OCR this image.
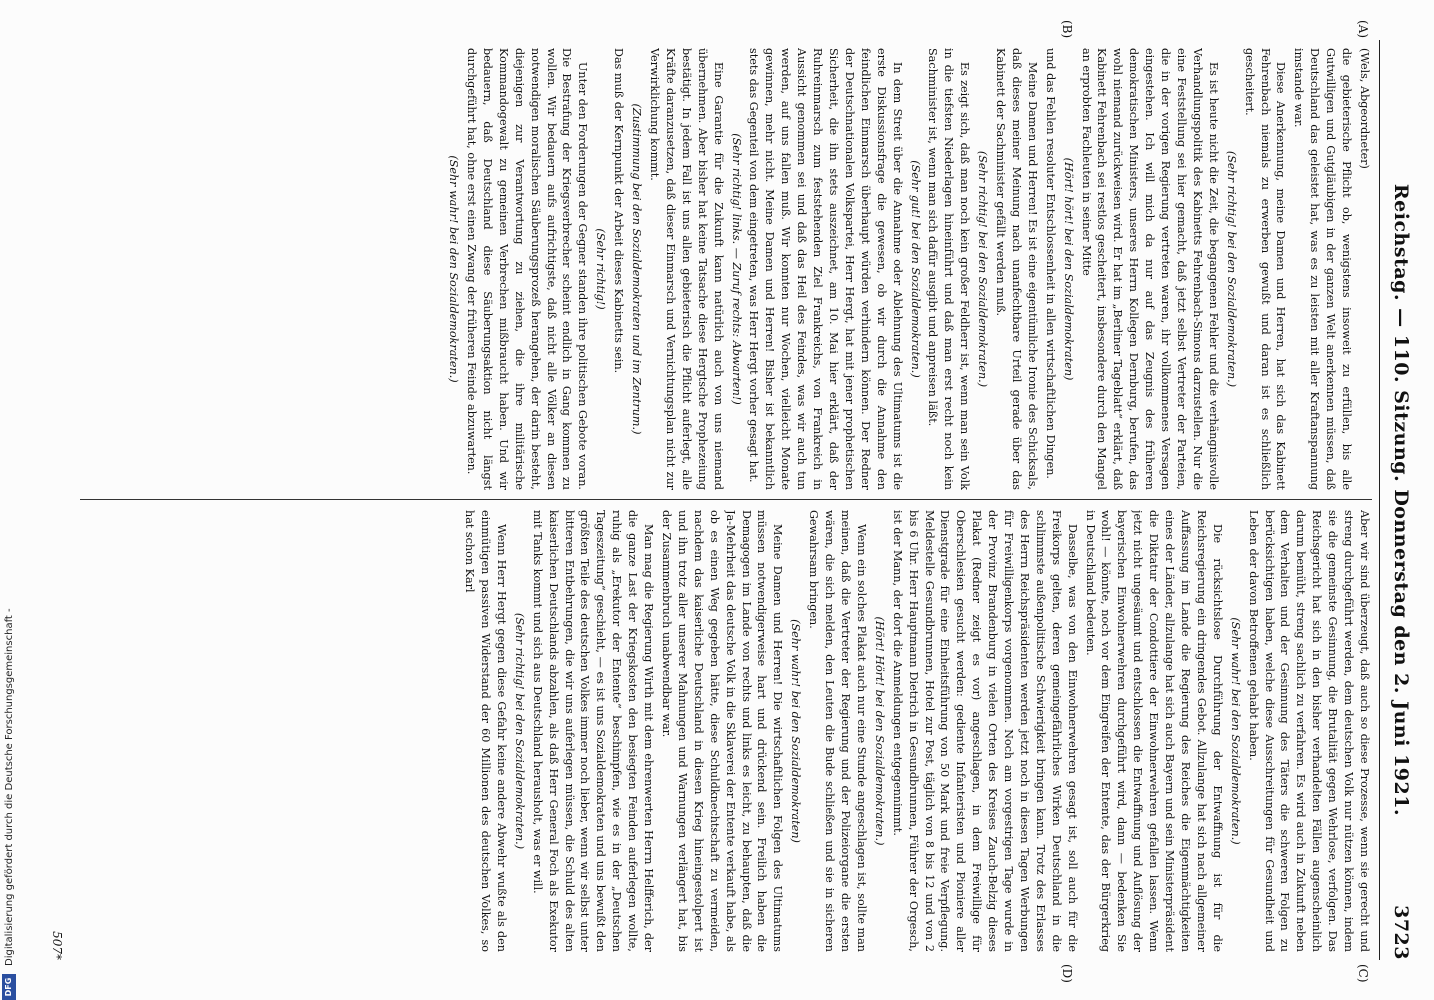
Reichstag. — 110. Sitzung. Donnerstag den 2. Juni 1921.
3723
(A)
(B)
(C)
(D)

(Wels, Abgeordneter)

die gebieterische Pflicht ob, wenigstens insoweit zu erfüllen, bis alle Gutwilligen und Gutgläubigen in der ganzen Welt anerkennen müssen, daß Deutschland das geleistet hat, was es zu leisten mit aller Kraftanspannung imstande war.

Diese Anerkennung, meine Damen und Herren, hat sich das Kabinett Fehrenbach niemals zu erwerben gewußt und daran ist es schließlich gescheitert.

(Sehr richtig! bei den Sozialdemokraten.)

Es ist heute nicht die Zeit, die begangenen Fehler und die verhängnisvolle Verhandlungspolitik des Kabinetts Fehrenbach-Simons darzustellen. Nur die eine Feststellung sei hier gemacht, daß jetzt selbst Vertreter der Parteien, die in der vorigen Regierung vertreten waren, ihr vollkommenes Versagen eingestehen. Ich will mich da nur auf das Zeugnis des früheren demokratischen Ministers, unseres Herrn Kollegen Dernburg, berufen, das wohl niemand zurückweisen wird. Er hat im „Berliner Tageblatt“ erklärt, daß Kabinett Fehrenbach sei restlos gescheitert, insbesondere durch den Mangel an erprobten Fachleuten in seiner Mitte

(Hört! hört! bei den Sozialdemokraten)

und das Fehlen resoluter Entschlossenheit in allen wirtschaftlichen Dingen.

Meine Damen und Herren! Es ist eine eigentümliche Ironie des Schicksals, daß dieses meiner Meinung nach unanfechtbare Urteil gerade über das Kabinett der Sachminister gefällt werden muß.

(Sehr richtig! bei den Sozialdemokraten.)

Es zeigt sich, daß man noch kein großer Feldherr ist, wenn man sein Volk in die tiefsten Niederlagen hineinführt und daß man erst recht noch kein Sachminister ist, wenn man sich dafür ausgibt und anpreisen läßt.

(Sehr gut! bei den Sozialdemokraten.)

In dem Streit über die Annahme oder Ablehnung des Ultimatums ist die erste Diskussionsfrage die gewesen, ob wir durch die Annahme den feindlichen Einmarsch überhaupt würden verhindern können. Der Redner der Deutschnationalen Volkspartei, Herr Hergt, hat mit jener prophetischen Sicherheit, die ihn stets auszeichnet, am 10. Mai hier erklärt, daß der Ruhreinmarsch zum feststehenden Ziel Frankreichs, von Frankreich in Aussicht genommen sei und daß das Heil des Feindes, was wir auch tun werden, auf uns fallen muß. Wir konnten nur Wochen, vielleicht Monate gewinnen, mehr nicht. Meine Damen und Herren! Bisher ist bekanntlich stets das Gegenteil von dem eingetreten, was Herr Hergt vorher gesagt hat.

(Sehr richtig! links. — Zuruf rechts: Abwarten!)

Eine Garantie für die Zukunft kann natürlich auch von uns niemand übernehmen. Aber bisher hat keine Tatsache diese Hergtsche Prophezeiung bestätigt. In jedem Fall ist uns allen gebieterisch die Pflicht auferlegt, alle Kräfte daranzusetzen, daß dieser Einmarsch und Vernichtungsplan nicht zur Verwirklichung kommt.

(Zustimmung bei den Sozialdemokraten und im Zentrum.)

Das muß der Kernpunkt der Arbeit dieses Kabinetts sein.

(Sehr richtig!)

Unter den Forderungen der Gegner standen ihre politischen Gebote voran. Die Bestrafung der Kriegsverbrecher scheint endlich in Gang kommen zu wollen. Wir bedauern aufs aufrichtigste, daß nicht alle Völker an diesen notwendigen moralischen Säuberungsprozeß herangehen, der darin besteht, diejenigen zur Verantwortung zu ziehen, die ihre militärische Kommandogewalt zu gemeinen Verbrechen mißbraucht haben. Und wir bedauern, daß Deutschland diese Säuberungsaktion nicht längst durchgeführt hat, ohne erst einen Zwang der früheren Feinde abzuwarten.

(Sehr wahr! bei den Sozialdemokraten.)

Aber wir sind überzeugt, daß auch so diese Prozesse, wenn sie gerecht und streng durchgeführt werden, dem deutschen Volk nur nützen können, indem sie die gemeinste Gesinnung, die Brutalität gegen Wehrlose, verfolgen. Das Reichsgericht hat sich in den bisher verhandelten Fällen augenscheinlich darum bemüht, streng sachlich zu verfahren. Es wird auch in Zukunft neben dem Verhalten und der Gesinnung des Täters die schweren Folgen zu berücksichtigen haben, welche diese Ausschreitungen für Gesundheit und Leben der davon Betroffenen gehabt haben.

(Sehr wahr! bei den Sozialdemokraten.)

Die rücksichtslose Durchführung der Entwaffnung ist für die Reichsregierung ein dringendes Gebot. Allzulange hat sich nach allgemeiner Auffassung im Lande die Regierung des Reiches die Eigenmächtigkeiten eines der Länder, allzulange hat sich auch Bayern und sein Ministerpräsident die Diktatur der Condottiere der Einwohnerwehren gefallen lassen. Wenn jetzt nicht ungesäumt und entschlossen die Entwaffnung und Auflösung der bayerischen Einwohnerwehren durchgeführt wird, dann — bedenken Sie wohl! — könnte, noch vor dem Eingreifen der Entente, das der Bürgerkrieg in Deutschland bedeuten.

Dasselbe, was von den Einwohnerwehren gesagt ist, soll auch für die Freikorps gelten, deren gemeingefährliches Wirken Deutschland in die schlimmste außenpolitische Schwierigkeit bringen kann. Trotz des Erlasses des Herrn Reichspräsidenten werden jetzt noch in diesen Tagen Werbungen für Freiwilligenkorps vorgenommen. Noch am vorgestrigen Tage wurde in der Provinz Brandenburg in vielen Orten des Kreises Zauch-Belzig dieses Plakat (Redner zeigt es vor) angeschlagen, in dem Freiwillige für Oberschlesien gesucht werden: gediente Infanteristen und Pioniere aller Dienstgrade für eine Einheitsführung von 50 Mark und freie Verpflegung. Meldestelle Gesundbrunnen, Hotel zur Post, täglich von 8 bis 12 und von 2 bis 6 Uhr. Herr Hauptmann Dietrich in Gesundbrunnen, Führer der Orgesch, ist der Mann, der dort die Anmeldungen entgegennimmt.

(Hört! Hört! bei den Sozialdemokraten.)

Wenn ein solches Plakat auch nur eine Stunde angeschlagen ist, sollte man meinen, daß die Vertreter der Regierung und der Polizeiorgane die ersten wären, die sich melden, den Leuten die Bude schließen und sie in sicheren Gewahrsam bringen.

(Sehr wahr! bei den Sozialdemokraten)

Meine Damen und Herren! Die wirtschaftlichen Folgen des Ultimatums müssen notwendigerweise hart und drückend sein. Freilich haben die Demagogen im Lande von rechts und links es leicht, zu behaupten, daß die Ja-Mehrheit das deutsche Volk in die Sklaverei der Entente verkauft habe, als ob es einen Weg gegeben hätte, diese Schuldknechtschaft zu vermeiden, nachdem das kaiserliche Deutschland in diesen Krieg hineingestolpert ist und ihn trotz aller unserer Mahnungen und Warnungen verlängert hat, bis der Zusammenbruch unabwendbar war.

Man mag die Regierung Wirth mit dem ehrenwerten Herrn Helfferich, der die ganze Last der Kriegskosten den besiegten Feinden auferlegen wollte, ruhig als „Erekutor der Entente“ beschimpfen, wie es in der „Deutschen Tageszeitung“ geschieht, — es ist uns Sozialdemokraten und uns bewußt den größten Teile des deutschen Volkes immer noch lieber, wenn wir selbst unter bitteren Entbehrungen, die wir uns auferlegen müssen, die Schuld des alten kaiserlichen Deutschlands abzahlen, als daß Herr General Foch als Exekutor mit Tanks kommt und sich aus Deutschland herausholt, was er will.

(Sehr richtig! bei den Sozialdemokraten.)

Wenn Herr Hergt gegen diese Gefahr keine andere Abwehr wußte als den einmütigen passiven Widerstand der 60 Millionen des deutschen Volkes, so hat schon Karl

507*
DFG
Digitalisierung gefördert durch die Deutsche Forschungsgemeinschaft -
